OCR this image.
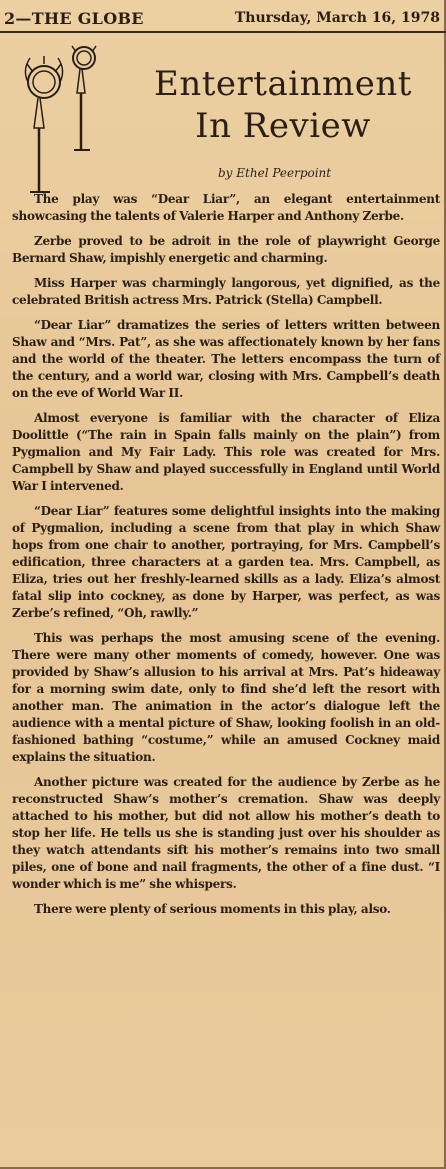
2—THE GLOBE	Thursday, March 16, 1978
Entertainment
In Review
by Ethel Peerpoint

The play was “Dear Liar”, an elegant entertainment showcasing the talents of Valerie Harper and Anthony Zerbe.

Zerbe proved to be adroit in the role of playwright George Bernard Shaw, impishly energetic and charming.

Miss Harper was charmingly langorous, yet dignified, as the celebrated British actress Mrs. Patrick (Stella) Campbell.

“Dear Liar” dramatizes the series of letters written between Shaw and “Mrs. Pat”, as she was affectionately known by her fans and the world of the theater. The letters encompass the turn of the century, and a world war, closing with Mrs. Campbell’s death on the eve of World War II.

Almost everyone is familiar with the character of Eliza Doolittle (“The rain in Spain falls mainly on the plain”) from Pygmalion and My Fair Lady. This role was created for Mrs. Campbell by Shaw and played successfully in England until World War I intervened.

“Dear Liar” features some delightful insights into the making of Pygmalion, including a scene from that play in which Shaw hops from one chair to another, portraying, for Mrs. Campbell’s edification, three characters at a garden tea. Mrs. Campbell, as Eliza, tries out her freshly-learned skills as a lady. Eliza’s almost fatal slip into cockney, as done by Harper, was perfect, as was Zerbe’s refined, “Oh, rawlly.”

This was perhaps the most amusing scene of the evening. There were many other moments of comedy, however. One was provided by Shaw’s allusion to his arrival at Mrs. Pat’s hideaway for a morning swim date, only to find she’d left the resort with another man. The animation in the actor’s dialogue left the audience with a mental picture of Shaw, looking foolish in an old-fashioned bathing “costume,” while an amused Cockney maid explains the situation.

Another picture was created for the audience by Zerbe as he reconstructed Shaw’s mother’s cremation. Shaw was deeply attached to his mother, but did not allow his mother’s death to stop her life. He tells us she is standing just over his shoulder as they watch attendants sift his mother’s remains into two small piles, one of bone and nail fragments, the other of a fine dust. “I wonder which is me” she whispers.

There were plenty of serious moments in this play, also.
